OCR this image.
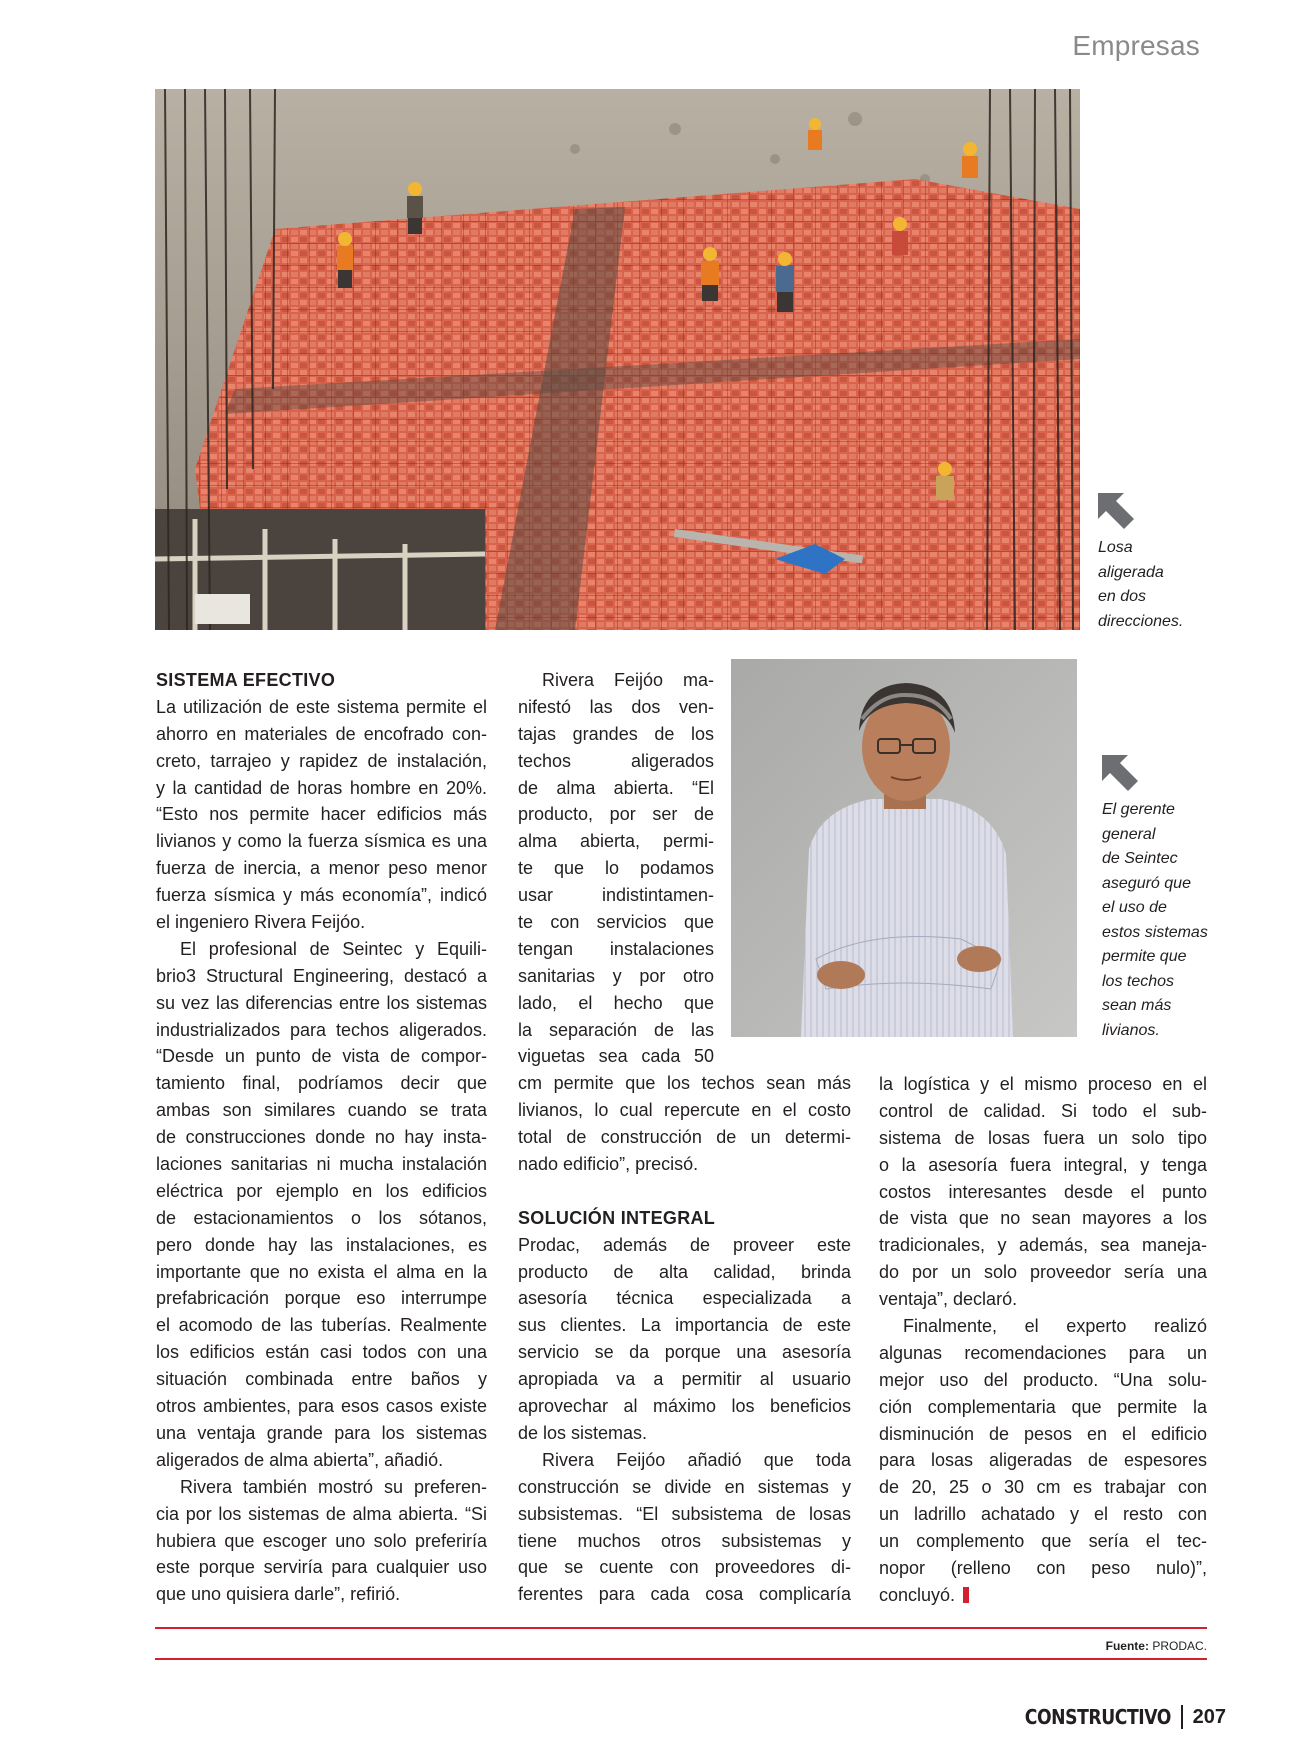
Empresas

Losa
aligerada
en dos
direcciones.

El gerente
general
de Seintec
aseguró que
el uso de
estos sistemas
permite que
los techos
sean más
livianos.

SISTEMA EFECTIVO
La utilización de este sistema permite el
ahorro en materiales de encofrado con-
creto, tarrajeo y rapidez de instalación,
y la cantidad de horas hombre en 20%.
“Esto nos permite hacer edificios más
livianos y como la fuerza sísmica es una
fuerza de inercia, a menor peso menor
fuerza sísmica y más economía”, indicó
el ingeniero Rivera Feijóo.
El profesional de Seintec y Equili-
brio3 Structural Engineering, destacó a
su vez las diferencias entre los sistemas
industrializados para techos aligerados.
“Desde un punto de vista de compor-
tamiento final, podríamos decir que
ambas son similares cuando se trata
de construcciones donde no hay insta-
laciones sanitarias ni mucha instalación
eléctrica por ejemplo en los edificios
de estacionamientos o los sótanos,
pero donde hay las instalaciones, es
importante que no exista el alma en la
prefabricación porque eso interrumpe
el acomodo de las tuberías. Realmente
los edificios están casi todos con una
situación combinada entre baños y
otros ambientes, para esos casos existe
una ventaja grande para los sistemas
aligerados de alma abierta”, añadió.
Rivera también mostró su preferen-
cia por los sistemas de alma abierta. “Si
hubiera que escoger uno solo preferiría
este porque serviría para cualquier uso
que uno quisiera darle”, refirió.
Rivera Feijóo ma-
nifestó las dos ven-
tajas grandes de los
techos aligerados
de alma abierta. “El
producto, por ser de
alma abierta, permi-
te que lo podamos
usar indistintamen-
te con servicios que
tengan instalaciones
sanitarias y por otro
lado, el hecho que
la separación de las
viguetas sea cada 50
cm permite que los techos sean más
livianos, lo cual repercute en el costo
total de construcción de un determi-
nado edificio”, precisó.
SOLUCIÓN INTEGRAL
Prodac, además de proveer este
producto de alta calidad, brinda
asesoría técnica especializada a
sus clientes. La importancia de este
servicio se da porque una asesoría
apropiada va a permitir al usuario
aprovechar al máximo los beneficios
de los sistemas.
Rivera Feijóo añadió que toda
construcción se divide en sistemas y
subsistemas. “El subsistema de losas
tiene muchos otros subsistemas y
que se cuente con proveedores di-
ferentes para cada cosa complicaría
la logística y el mismo proceso en el
control de calidad. Si todo el sub-
sistema de losas fuera un solo tipo
o la asesoría fuera integral, y tenga
costos interesantes desde el punto
de vista que no sean mayores a los
tradicionales, y además, sea maneja-
do por un solo proveedor sería una
ventaja”, declaró.
Finalmente, el experto realizó
algunas recomendaciones para un
mejor uso del producto. “Una solu-
ción complementaria que permite la
disminución de pesos en el edificio
para losas aligeradas de espesores
de 20, 25 o 30 cm es trabajar con
un ladrillo achatado y el resto con
un complemento que sería el tec-
nopor (relleno con peso nulo)”,
concluyó.
Fuente: PRODAC.
CONSTRUCTIVO 207
